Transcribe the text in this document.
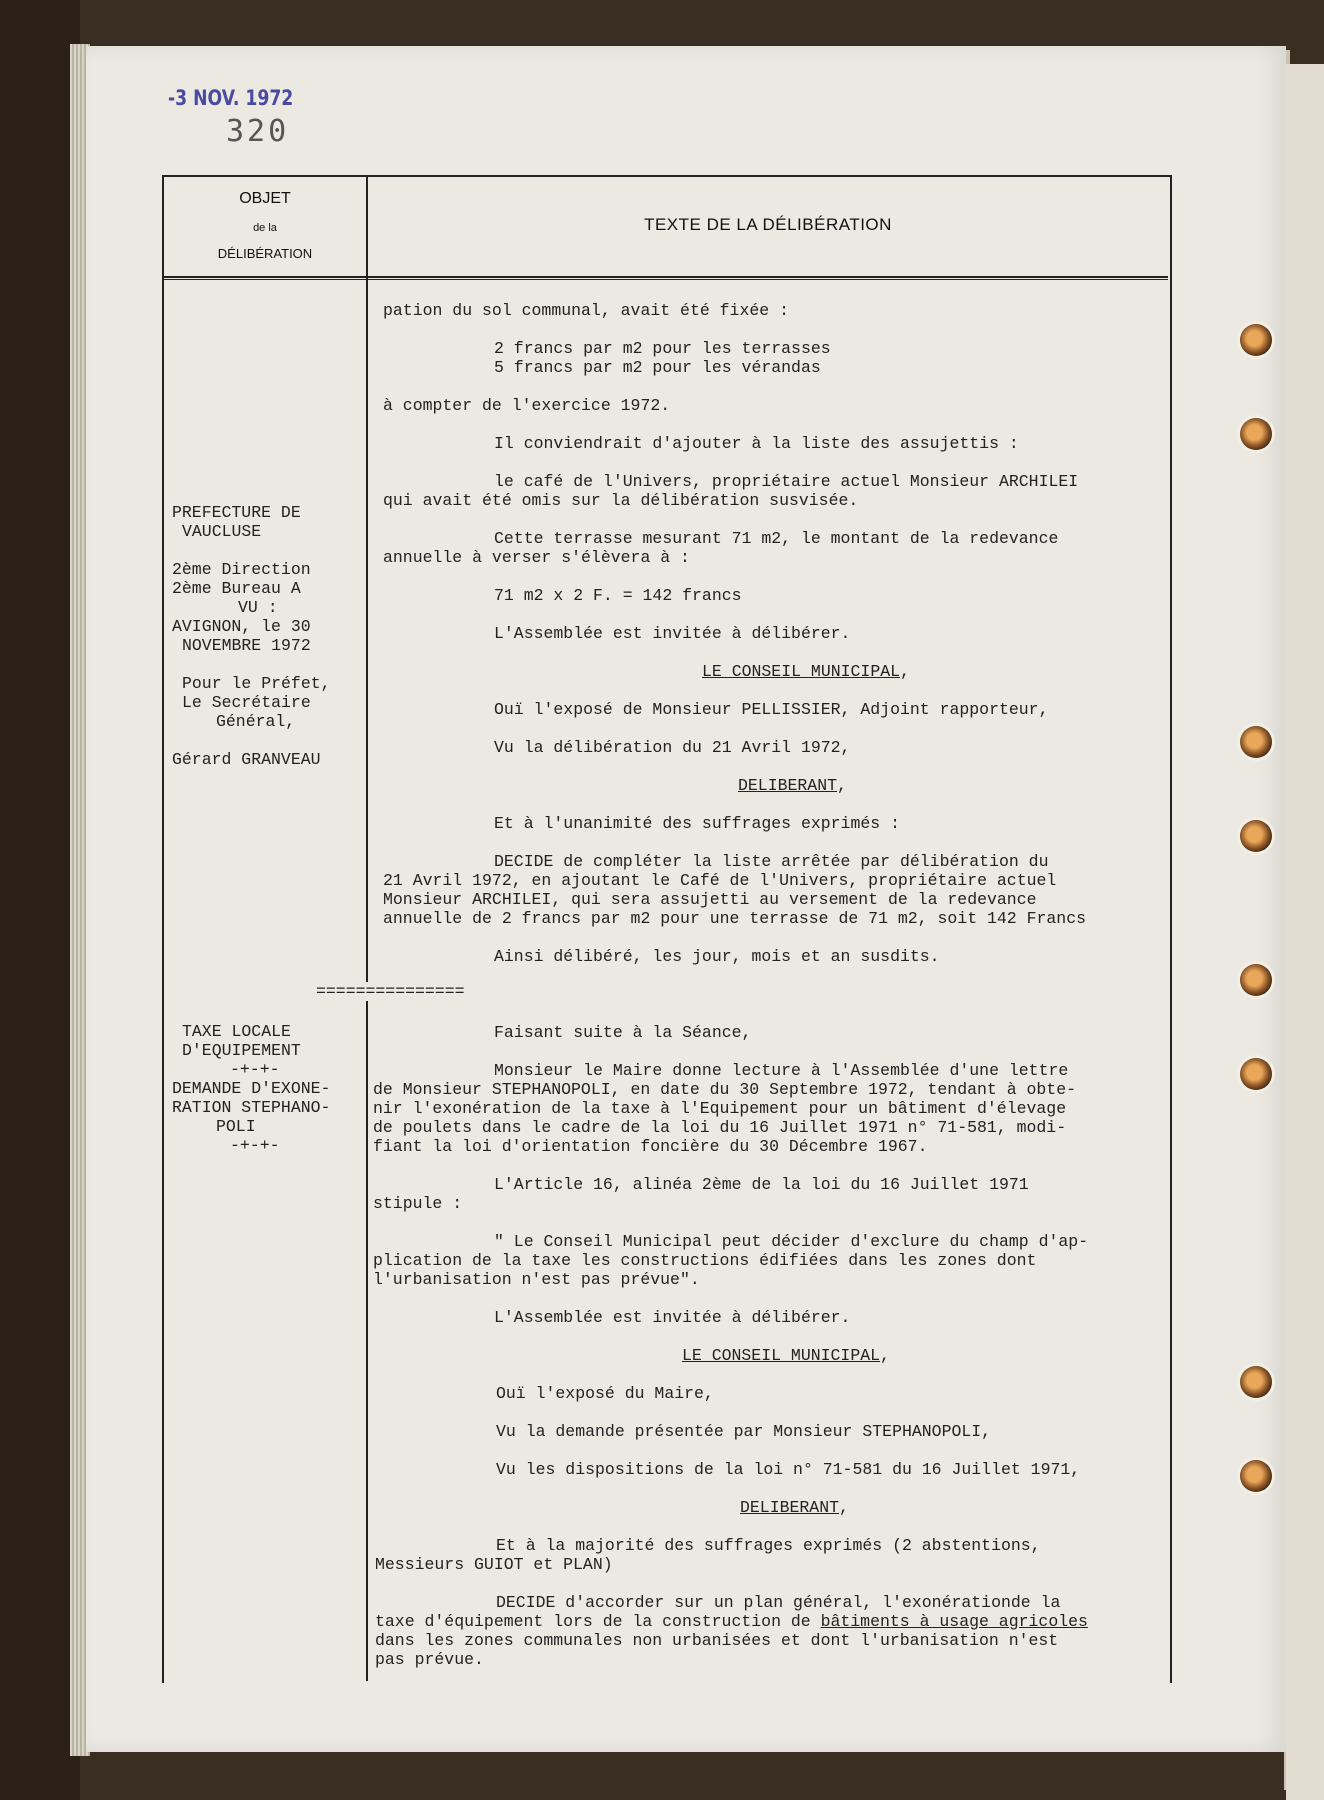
-3 NOV. 1972
320
OBJET
de la
DÉLIBÉRATION
TEXTE DE LA DÉLIBÉRATION
PREFECTURE DE
VAUCLUSE
2ème Direction
2ème Bureau A
VU :
AVIGNON, le 30
NOVEMBRE 1972
Pour le Préfet,
Le Secrétaire
Général,
Gérard GRANVEAU
===============
TAXE LOCALE
D'EQUIPEMENT
-+-+-
DEMANDE D'EXONE-
RATION STEPHANO-
POLI
-+-+-
pation du sol communal, avait été fixée :
2 francs par m2 pour les terrasses
5 francs par m2 pour les vérandas
à compter de l'exercice 1972.
Il conviendrait d'ajouter à la liste des assujettis :
le café de l'Univers, propriétaire actuel Monsieur ARCHILEI
qui avait été omis sur la délibération susvisée.
Cette terrasse mesurant 71 m2, le montant de la redevance
annuelle à verser s'élèvera à :
71 m2 x 2 F. = 142 francs
L'Assemblée est invitée à délibérer.
LE CONSEIL MUNICIPAL,
Ouï l'exposé de Monsieur PELLISSIER, Adjoint rapporteur,
Vu la délibération du 21 Avril 1972,
DELIBERANT,
Et à l'unanimité des suffrages exprimés :
DECIDE de compléter la liste arrêtée par délibération du
21 Avril 1972, en ajoutant le Café de l'Univers, propriétaire actuel
Monsieur ARCHILEI, qui sera assujetti au versement de la redevance
annuelle de 2 francs par m2 pour une terrasse de 71 m2, soit 142 Francs
Ainsi délibéré, les jour, mois et an susdits.
Faisant suite à la Séance,
Monsieur le Maire donne lecture à l'Assemblée d'une lettre
de Monsieur STEPHANOPOLI, en date du 30 Septembre 1972, tendant à obte-
nir l'exonération de la taxe à l'Equipement pour un bâtiment d'élevage
de poulets dans le cadre de la loi du 16 Juillet 1971 n° 71-581, modi-
fiant la loi d'orientation foncière du 30 Décembre 1967.
L'Article 16, alinéa 2ème de la loi du 16 Juillet 1971
stipule :
" Le Conseil Municipal peut décider d'exclure du champ d'ap-
plication de la taxe les constructions édifiées dans les zones dont
l'urbanisation n'est pas prévue".
L'Assemblée est invitée à délibérer.
LE CONSEIL MUNICIPAL,
Ouï l'exposé du Maire,
Vu la demande présentée par Monsieur STEPHANOPOLI,
Vu les dispositions de la loi n° 71-581 du 16 Juillet 1971,
DELIBERANT,
Et à la majorité des suffrages exprimés (2 abstentions,
Messieurs GUIOT et PLAN)
DECIDE d'accorder sur un plan général, l'exonérationde la
taxe d'équipement lors de la construction de bâtiments à usage agricoles
dans les zones communales non urbanisées et dont l'urbanisation n'est
pas prévue.
